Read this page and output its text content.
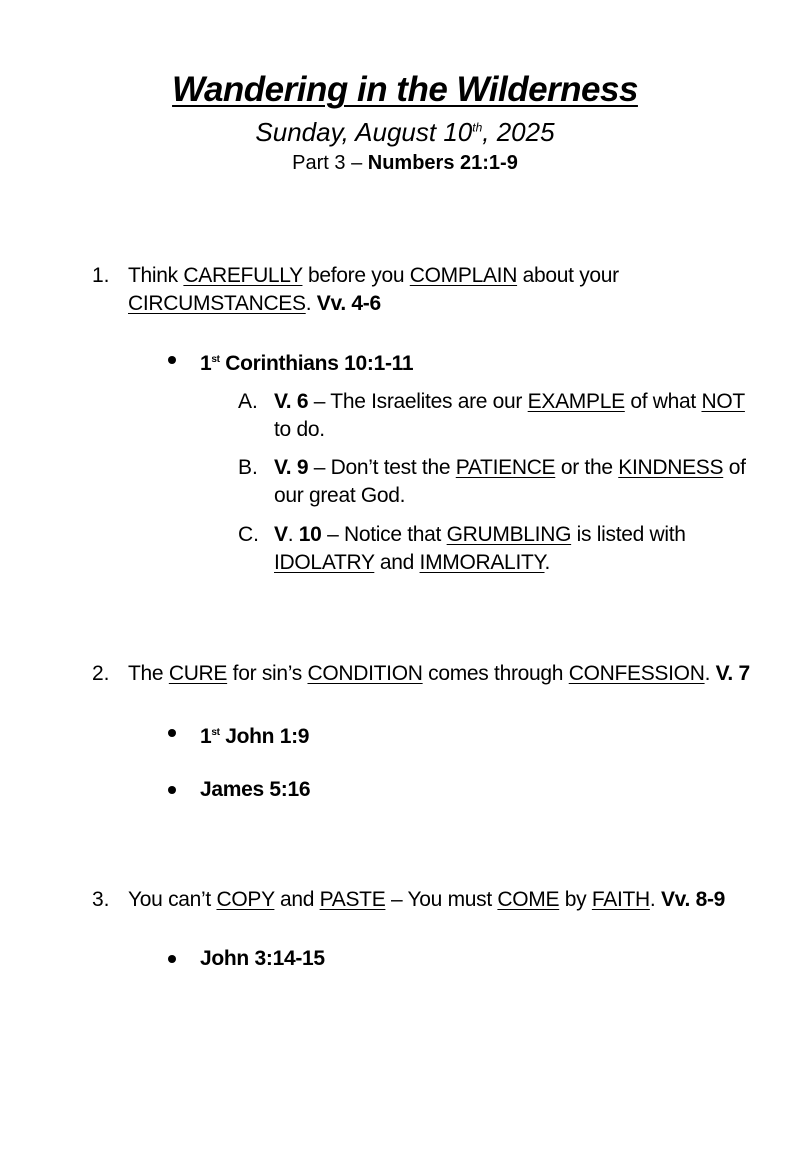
Wandering in the Wilderness
Sunday, August 10th, 2025
Part 3 – Numbers 21:1-9
1. Think CAREFULLY before you COMPLAIN about your
CIRCUMSTANCES. Vv. 4-6
1st Corinthians 10:1-11
A. V. 6 – The Israelites are our EXAMPLE of what NOT
to do.
B. V. 9 – Don’t test the PATIENCE or the KINDNESS of
our great God.
C. V. 10 – Notice that GRUMBLING is listed with
IDOLATRY and IMMORALITY.
2. The CURE for sin’s CONDITION comes through CONFESSION. V. 7
1st John 1:9
James 5:16
3. You can’t COPY and PASTE – You must COME by FAITH. Vv. 8-9
John 3:14-15
